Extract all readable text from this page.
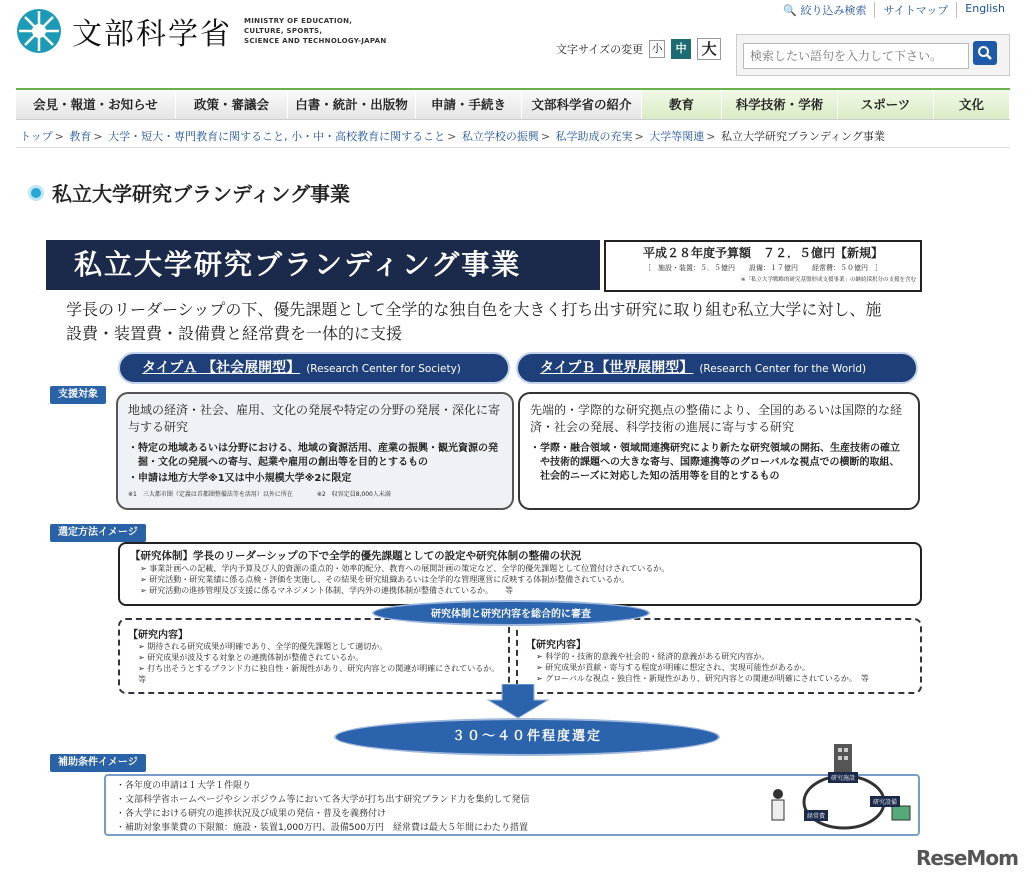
文部科学省 MINISTRY OF EDUCATION,
CULTURE, SPORTS,
SCIENCE AND TECHNOLOGY-JAPAN
🔍 絞り込み検索	サイトマップ	English
文字サイズの変更 小	中 大
検索したい語句を入力して下さい。
会見・報道・お知らせ	政策・審議会	白書・統計・出版物	申請・手続き	文部科学省の紹介	教育	科学技術・学術	スポーツ	文化
トップ > 教育 > 大学・短大・専門教育に関すること, 小・中・高校教育に関すること > 私立学校の振興 > 私学助成の充実 > 大学等関連 > 私立大学研究ブランディング事業
私立大学研究ブランディング事業
私立大学研究ブランディング事業	平成２８年度予算額　７２．５億円【新規】
［　施設・装置：５．５億円　　設備：１７億円　　経常費：５０億円　］
※「私立大学戦略的研究基盤形成支援事業」の継続採択分の支援を含む
学長のリーダーシップの下、優先課題として全学的な独自色を大きく打ち出す研究に取り組む私立大学に対し、施設費・装置費・設備費と経常費を一体的に支援
タイプＡ 【社会展開型】 (Research Center for Society)	タイプＢ【世界展開型】 (Research Center for the World)
支援対象
地域の経済・社会、雇用、文化の発展や特定の分野の発展・深化に寄与する研究
・特定の地域あるいは分野における、地域の資源活用、産業の振興・観光資源の発掘・文化の発展への寄与、起業や雇用の創出等を目的とするもの
・申請は地方大学※1又は中小規模大学※2に限定
※1　三大都市圏（定義は首都圏整備法等を活用）以外に所在　　　　※2　収容定員8,000人未満
先端的・学際的な研究拠点の整備により、全国的あるいは国際的な経済・社会の発展、科学技術の進展に寄与する研究
・学際・融合領域・領域間連携研究により新たな研究領域の開拓、生産技術の確立や技術的課題への大きな寄与、国際連携等のグローバルな視点での横断的取組、社会的ニーズに対応した知の活用等を目的とするもの
選定方法イメージ
【研究体制】学長のリーダーシップの下で全学的優先課題としての設定や研究体制の整備の状況
➢ 事業計画への記載、学内予算及び人的資源の重点的・効率的配分、教育への展開計画の策定など、全学的優先課題として位置付けされているか。
➢ 研究活動・研究業績に係る点検・評価を実施し、その結果を研究組織あるいは全学的な管理運営に反映する体制が整備されているか。
➢ 研究活動の進捗管理及び支援に係るマネジメント体制、学内外の連携体制が整備されているか。　　等
【研究内容】
➢ 期待される研究成果が明確であり、全学的優先課題として適切か。
➢ 研究成果が波及する対象との連携体制が整備されているか。
➢ 打ち出そうとするブランド力に独自性・新規性があり、研究内容との関連が明確にされているか。　等
【研究内容】
➢ 科学的・技術的意義や社会的・経済的意義がある研究内容か。
➢ 研究成果が貢献・寄与する程度が明確に想定され、実現可能性があるか。
➢ グローバルな視点・独自性・新規性があり、研究内容との関連が明確にされているか。　等
研究体制と研究内容を総合的に審査
３０～４０件程度選定
補助条件イメージ
・各年度の申請は１大学１件限り
・文部科学省ホームページやシンポジウム等において各大学が打ち出す研究ブランド力を集約して発信
・各大学における研究の進捗状況及び成果の発信・普及を義務付け
・補助対象事業費の下限額：施設・装置1,000万円、設備500万円　経常費は最大５年間にわたり措置
研究施設
経常費
研究設備
ReseMom
